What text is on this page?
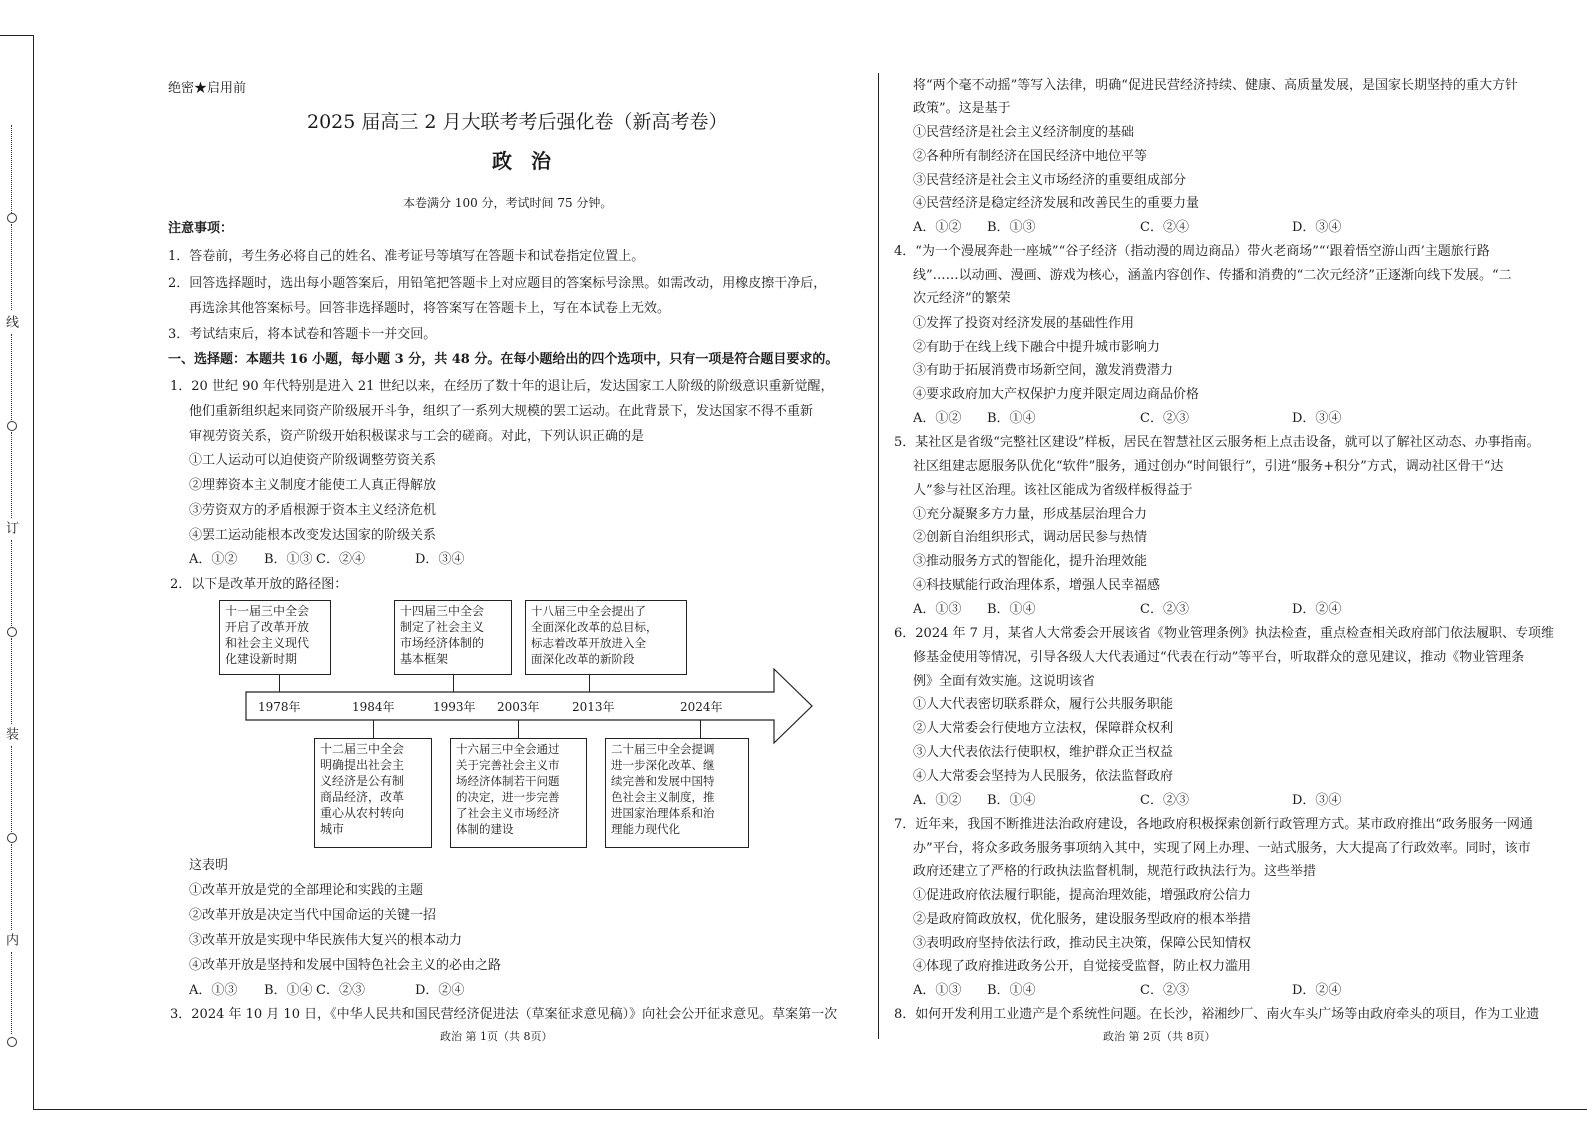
线
订
装
内
绝密★启用前
2025 届高三 2 月大联考考后强化卷（新高考卷）
政 治
本卷满分 100 分，考试时间 75 分钟。
注意事项：
1．答卷前，考生务必将自己的姓名、准考证号等填写在答题卡和试卷指定位置上。
2．回答选择题时，选出每小题答案后，用铅笔把答题卡上对应题目的答案标号涂黑。如需改动，用橡皮擦干净后，
再选涂其他答案标号。回答非选择题时，将答案写在答题卡上，写在本试卷上无效。
3．考试结束后，将本试卷和答题卡一并交回。
一、选择题：本题共 16 小题，每小题 3 分，共 48 分。在每小题给出的四个选项中，只有一项是符合题目要求的。
1．20 世纪 90 年代特别是进入 21 世纪以来，在经历了数十年的退让后，发达国家工人阶级的阶级意识重新觉醒，
他们重新组织起来同资产阶级展开斗争，组织了一系列大规模的罢工运动。在此背景下，发达国家不得不重新
审视劳资关系，资产阶级开始积极谋求与工会的磋商。对此，下列认识正确的是
①工人运动可以迫使资产阶级调整劳资关系
②埋葬资本主义制度才能使工人真正得解放
③劳资双方的矛盾根源于资本主义经济危机
④罢工运动能根本改变发达国家的阶级关系
A．①② B．①③ C．②④	D．③④
2．以下是改革开放的路径图：
十一届三中全会
开启了改革开放
和社会主义现代
化建设新时期
十四届三中全会
制定了社会主义
市场经济体制的
基本框架
十八届三中全会提出了
全面深化改革的总目标，
标志着改革开放进入全
面深化改革的新阶段
1978年	1984年	1993年 2003年	2013年	2024年
十二届三中全会
明确提出社会主
义经济是公有制
商品经济，改革
重心从农村转向
城市
十六届三中全会通过
关于完善社会主义市
场经济体制若干问题
的决定，进一步完善
了社会主义市场经济
体制的建设
二十届三中全会提调
进一步深化改革、继
续完善和发展中国特
色社会主义制度，推
进国家治理体系和治
理能力现代化
这表明
①改革开放是党的全部理论和实践的主题
②改革开放是决定当代中国命运的关键一招
③改革开放是实现中华民族伟大复兴的根本动力
④改革开放是坚持和发展中国特色社会主义的必由之路
A．①③ B．①④ C．②③	D．②④
3．2024 年 10 月 10 日，《中华人民共和国民营经济促进法（草案征求意见稿）》向社会公开征求意见。草案第一次
政治 第 1页（共 8页）
将“两个毫不动摇”等写入法律，明确“促进民营经济持续、健康、高质量发展，是国家长期坚持的重大方针
政策”。这是基于
①民营经济是社会主义经济制度的基础
②各种所有制经济在国民经济中地位平等
③民营经济是社会主义市场经济的重要组成部分
④民营经济是稳定经济发展和改善民生的重要力量
A．①② B．①③	C．②④	D．③④
4．“为一个漫展奔赴一座城”“谷子经济（指动漫的周边商品）带火老商场”“‘跟着悟空游山西’主题旅行路
线”……以动画、漫画、游戏为核心，涵盖内容创作、传播和消费的“二次元经济”正逐渐向线下发展。“二
次元经济”的繁荣
①发挥了投资对经济发展的基础性作用
②有助于在线上线下融合中提升城市影响力
③有助于拓展消费市场新空间，激发消费潜力
④要求政府加大产权保护力度并限定周边商品价格
A．①② B．①④	C．②③	D．③④
5．某社区是省级“完整社区建设”样板，居民在智慧社区云服务柜上点击设备，就可以了解社区动态、办事指南。
社区组建志愿服务队优化“软件”服务，通过创办“时间银行”，引进“服务+积分”方式，调动社区骨干“达
人”参与社区治理。该社区能成为省级样板得益于
①充分凝聚多方力量，形成基层治理合力
②创新自治组织形式，调动居民参与热情
③推动服务方式的智能化，提升治理效能
④科技赋能行政治理体系，增强人民幸福感
A．①③ B．①④	C．②③	D．②④
6．2024 年 7 月，某省人大常委会开展该省《物业管理条例》执法检查，重点检查相关政府部门依法履职、专项维
修基金使用等情况，引导各级人大代表通过“代表在行动”等平台，听取群众的意见建议，推动《物业管理条
例》全面有效实施。这说明该省
①人大代表密切联系群众，履行公共服务职能
②人大常委会行使地方立法权，保障群众权利
③人大代表依法行使职权，维护群众正当权益
④人大常委会坚持为人民服务，依法监督政府
A．①② B．①④	C．②③	D．③④
7．近年来，我国不断推进法治政府建设，各地政府积极探索创新行政管理方式。某市政府推出“政务服务一网通
办”平台，将众多政务服务事项纳入其中，实现了网上办理、一站式服务，大大提高了行政效率。同时，该市
政府还建立了严格的行政执法监督机制，规范行政执法行为。这些举措
①促进政府依法履行职能，提高治理效能，增强政府公信力
②是政府简政放权，优化服务，建设服务型政府的根本举措
③表明政府坚持依法行政，推动民主决策，保障公民知情权
④体现了政府推进政务公开，自觉接受监督，防止权力滥用
A．①③ B．①④	C．②③	D．②④
8．如何开发利用工业遗产是个系统性问题。在长沙，裕湘纱厂、南火车头广场等由政府牵头的项目，作为工业遗
政治 第 2页（共 8页）
